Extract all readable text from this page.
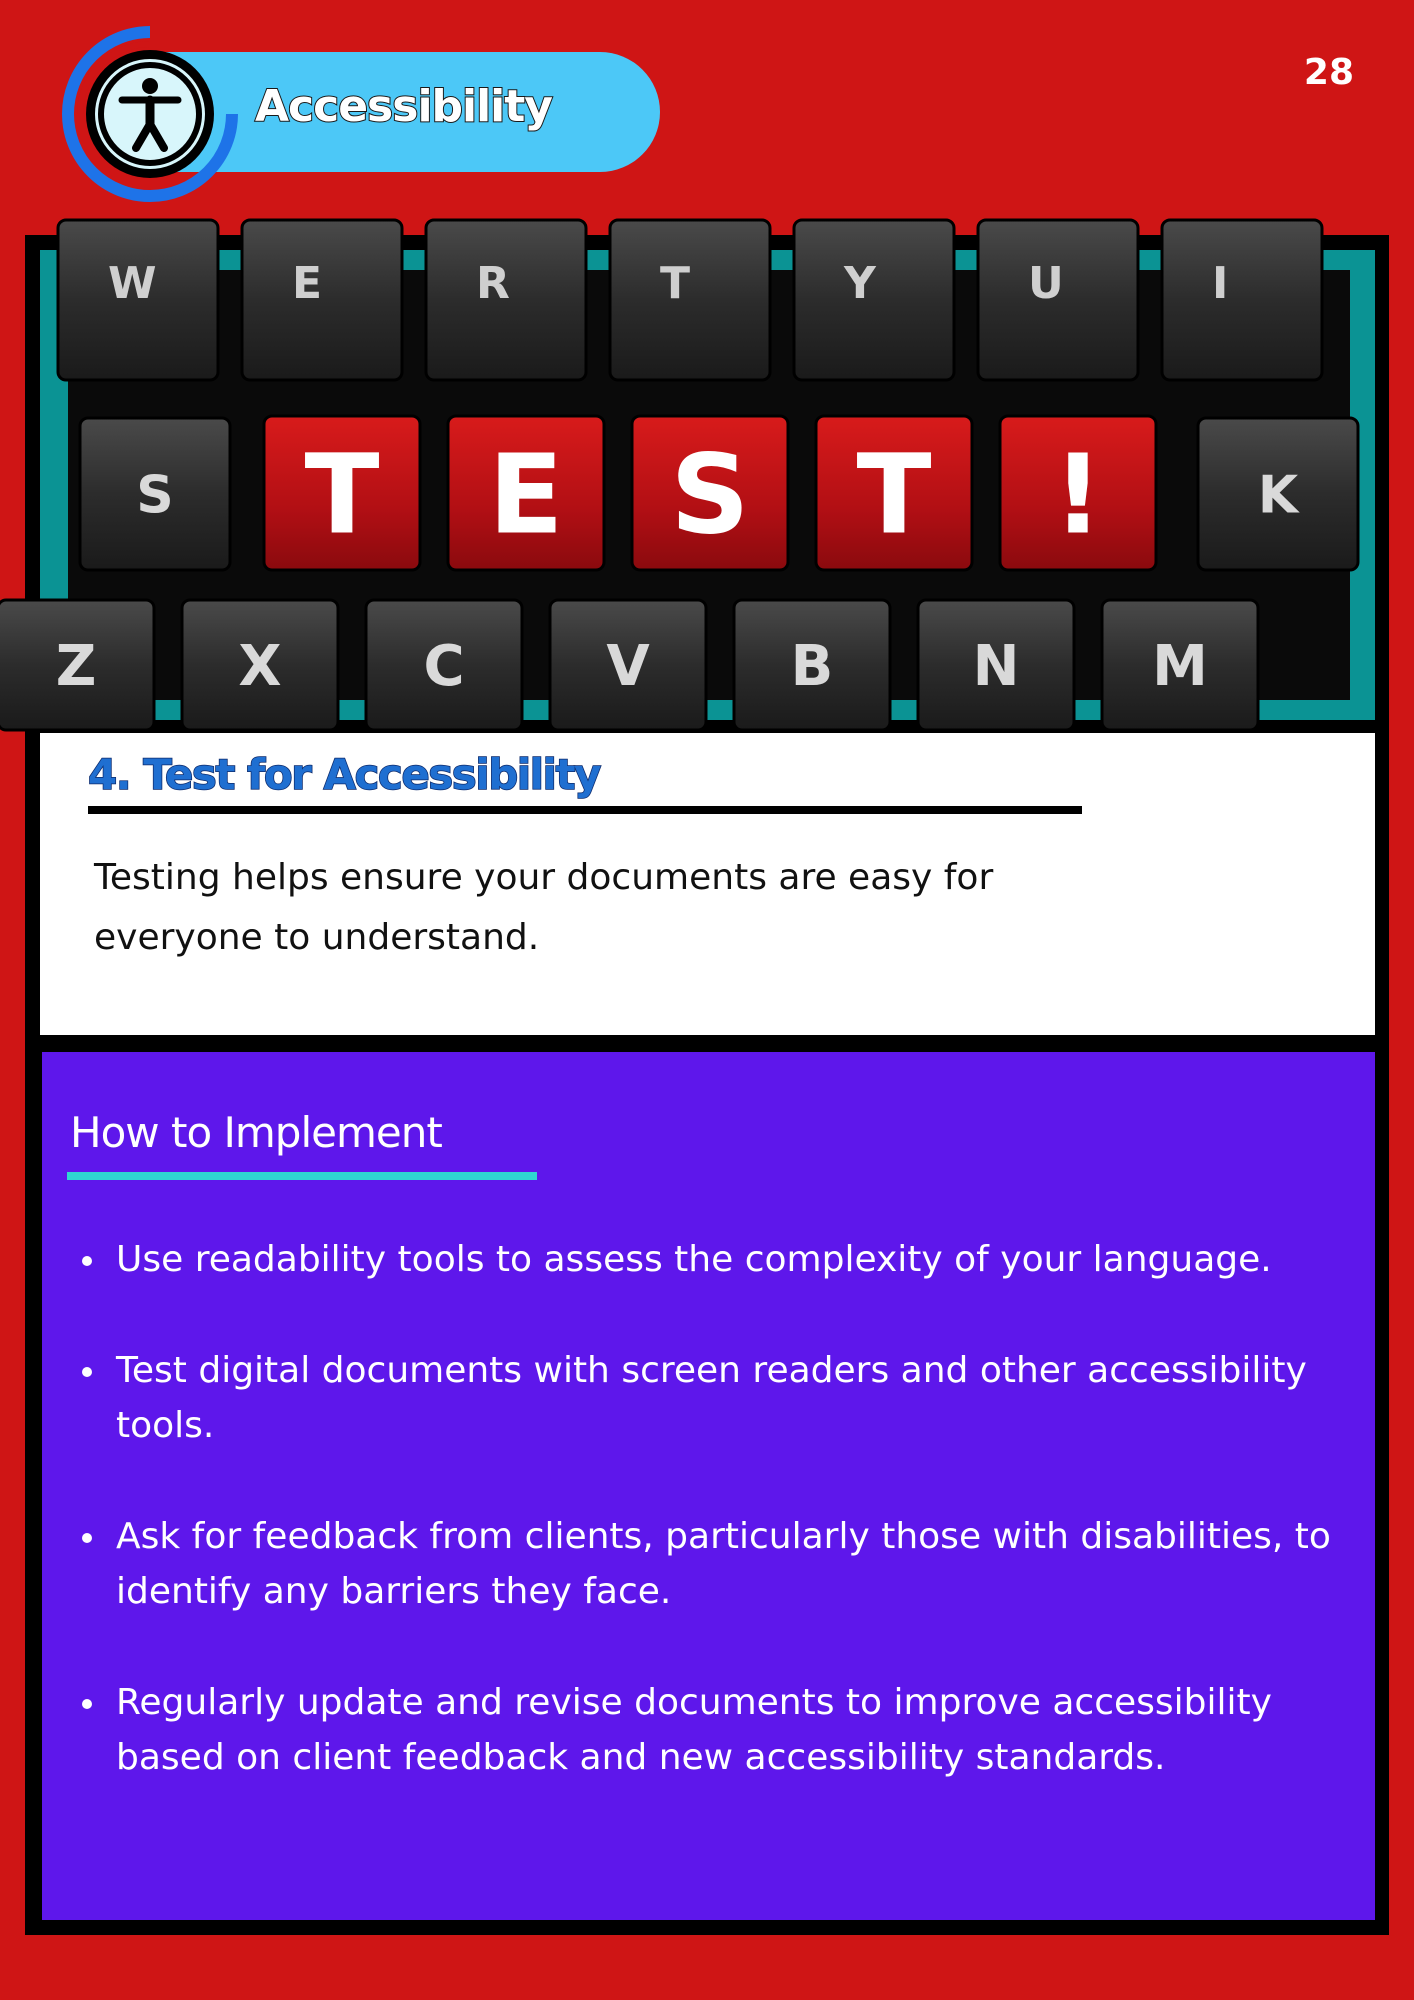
Accessibility
28
W	E	R	T	Y	U	I
S T E S T !	K
Z	X	C	V	B N M
4. Test for Accessibility
Testing helps ensure your documents are easy for everyone to understand.
How to Implement
Use readability tools to assess the complexity of your language.
Test digital documents with screen readers and other accessibility tools.
Ask for feedback from clients, particularly those with disabilities, to identify any barriers they face.
Regularly update and revise documents to improve accessibility based on client feedback and new accessibility standards.
